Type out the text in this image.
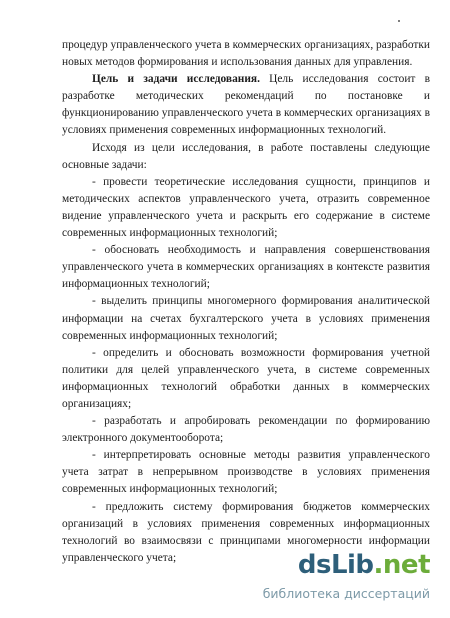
процедур управленческого учета в коммерческих организациях, разработки новых методов формирования и использования данных для управления.

Цель и задачи исследования. Цель исследования состоит в разработке методических рекомендаций по постановке и функционированию управленческого учета в коммерческих организациях в условиях применения современных информационных технологий.

Исходя из цели исследования, в работе поставлены следующие основные задачи:

- провести теоретические исследования сущности, принципов и методических аспектов управленческого учета, отразить современное видение управленческого учета и раскрыть его содержание в системе современных информационных технологий;

- обосновать необходимость и направления совершенствования управленческого учета в коммерческих организациях в контексте развития информационных технологий;

- выделить принципы многомерного формирования аналитической информации на счетах бухгалтерского учета в условиях применения современных информационных технологий;

- определить и обосновать возможности формирования учетной политики для целей управленческого учета, в системе современных информационных технологий обработки данных в коммерческих организациях;

- разработать и апробировать рекомендации по формированию электронного документооборота;

- интерпретировать основные методы развития управленческого учета затрат в непрерывном производстве в условиях применения современных информационных технологий;

- предложить систему формирования бюджетов коммерческих организаций в условиях применения современных информационных технологий во взаимосвязи с принципами многомерности информации управленческого учета;	dsLib.net
библиотека диссертаций
